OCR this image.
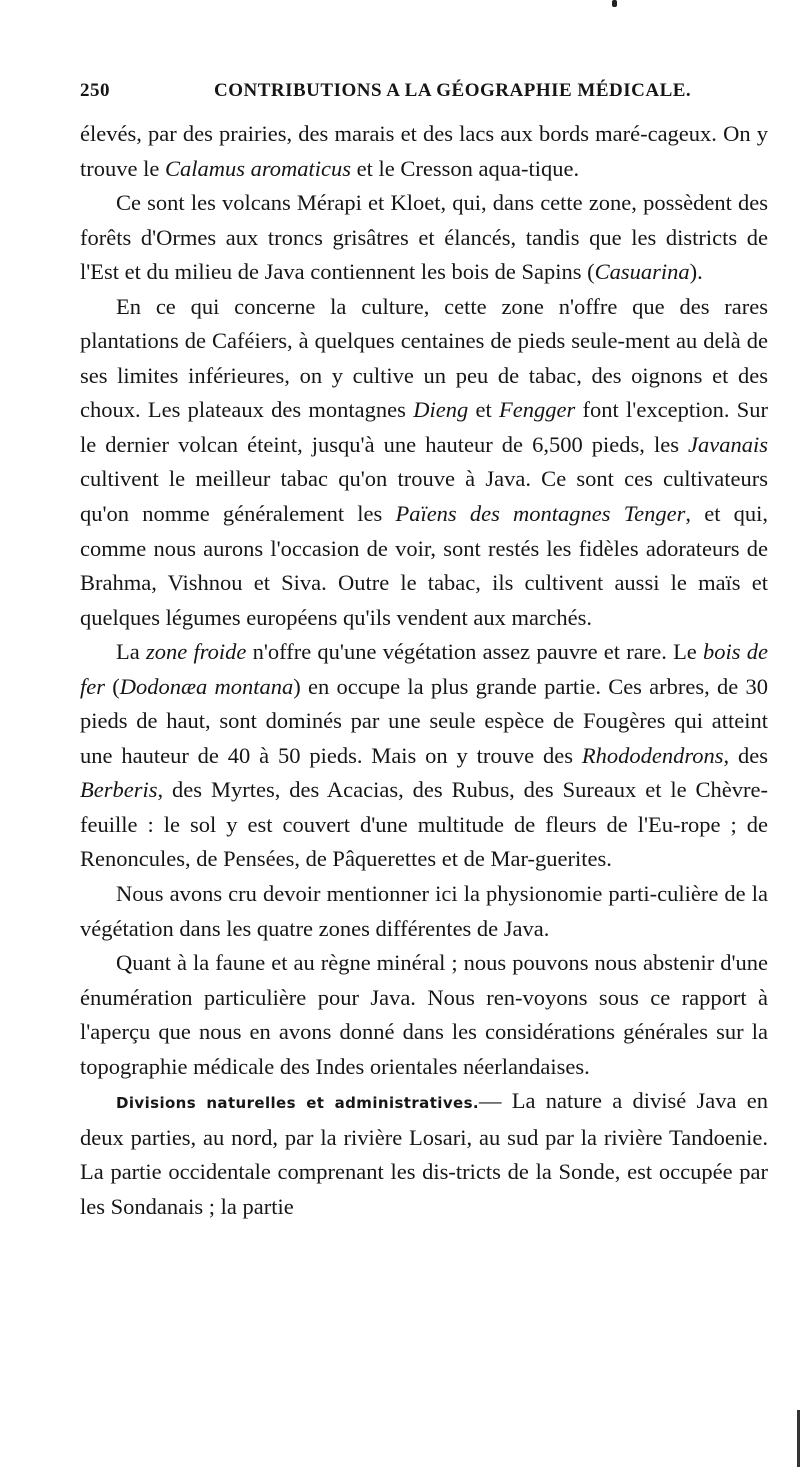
250	CONTRIBUTIONS A LA GÉOGRAPHIE MÉDICALE.

élevés, par des prairies, des marais et des lacs aux bords maré-cageux. On y trouve le Calamus aromaticus et le Cresson aqua-tique.

Ce sont les volcans Mérapi et Kloet, qui, dans cette zone, possèdent des forêts d'Ormes aux troncs grisâtres et élancés, tandis que les districts de l'Est et du milieu de Java contiennent les bois de Sapins (Casuarina).

En ce qui concerne la culture, cette zone n'offre que des rares plantations de Caféiers, à quelques centaines de pieds seule-ment au delà de ses limites inférieures, on y cultive un peu de tabac, des oignons et des choux. Les plateaux des montagnes Dieng et Fengger font l'exception. Sur le dernier volcan éteint, jusqu'à une hauteur de 6,500 pieds, les Javanais cultivent le meilleur tabac qu'on trouve à Java. Ce sont ces cultivateurs qu'on nomme généralement les Païens des montagnes Tenger, et qui, comme nous aurons l'occasion de voir, sont restés les fidèles adorateurs de Brahma, Vishnou et Siva. Outre le tabac, ils cultivent aussi le maïs et quelques légumes européens qu'ils vendent aux marchés.

La zone froide n'offre qu'une végétation assez pauvre et rare. Le bois de fer (Dodonæa montana) en occupe la plus grande partie. Ces arbres, de 30 pieds de haut, sont dominés par une seule espèce de Fougères qui atteint une hauteur de 40 à 50 pieds. Mais on y trouve des Rhododendrons, des Berberis, des Myrtes, des Acacias, des Rubus, des Sureaux et le Chèvre-feuille : le sol y est couvert d'une multitude de fleurs de l'Eu-rope ; de Renoncules, de Pensées, de Pâquerettes et de Mar-guerites.

Nous avons cru devoir mentionner ici la physionomie parti-culière de la végétation dans les quatre zones différentes de Java.

Quant à la faune et au règne minéral ; nous pouvons nous abstenir d'une énumération particulière pour Java. Nous ren-voyons sous ce rapport à l'aperçu que nous en avons donné dans les considérations générales sur la topographie médicale des Indes orientales néerlandaises.

Divisions naturelles et administratives.— La nature a divisé Java en deux parties, au nord, par la rivière Losari, au sud par la rivière Tandoenie. La partie occidentale comprenant les dis-tricts de la Sonde, est occupée par les Sondanais ; la partie
